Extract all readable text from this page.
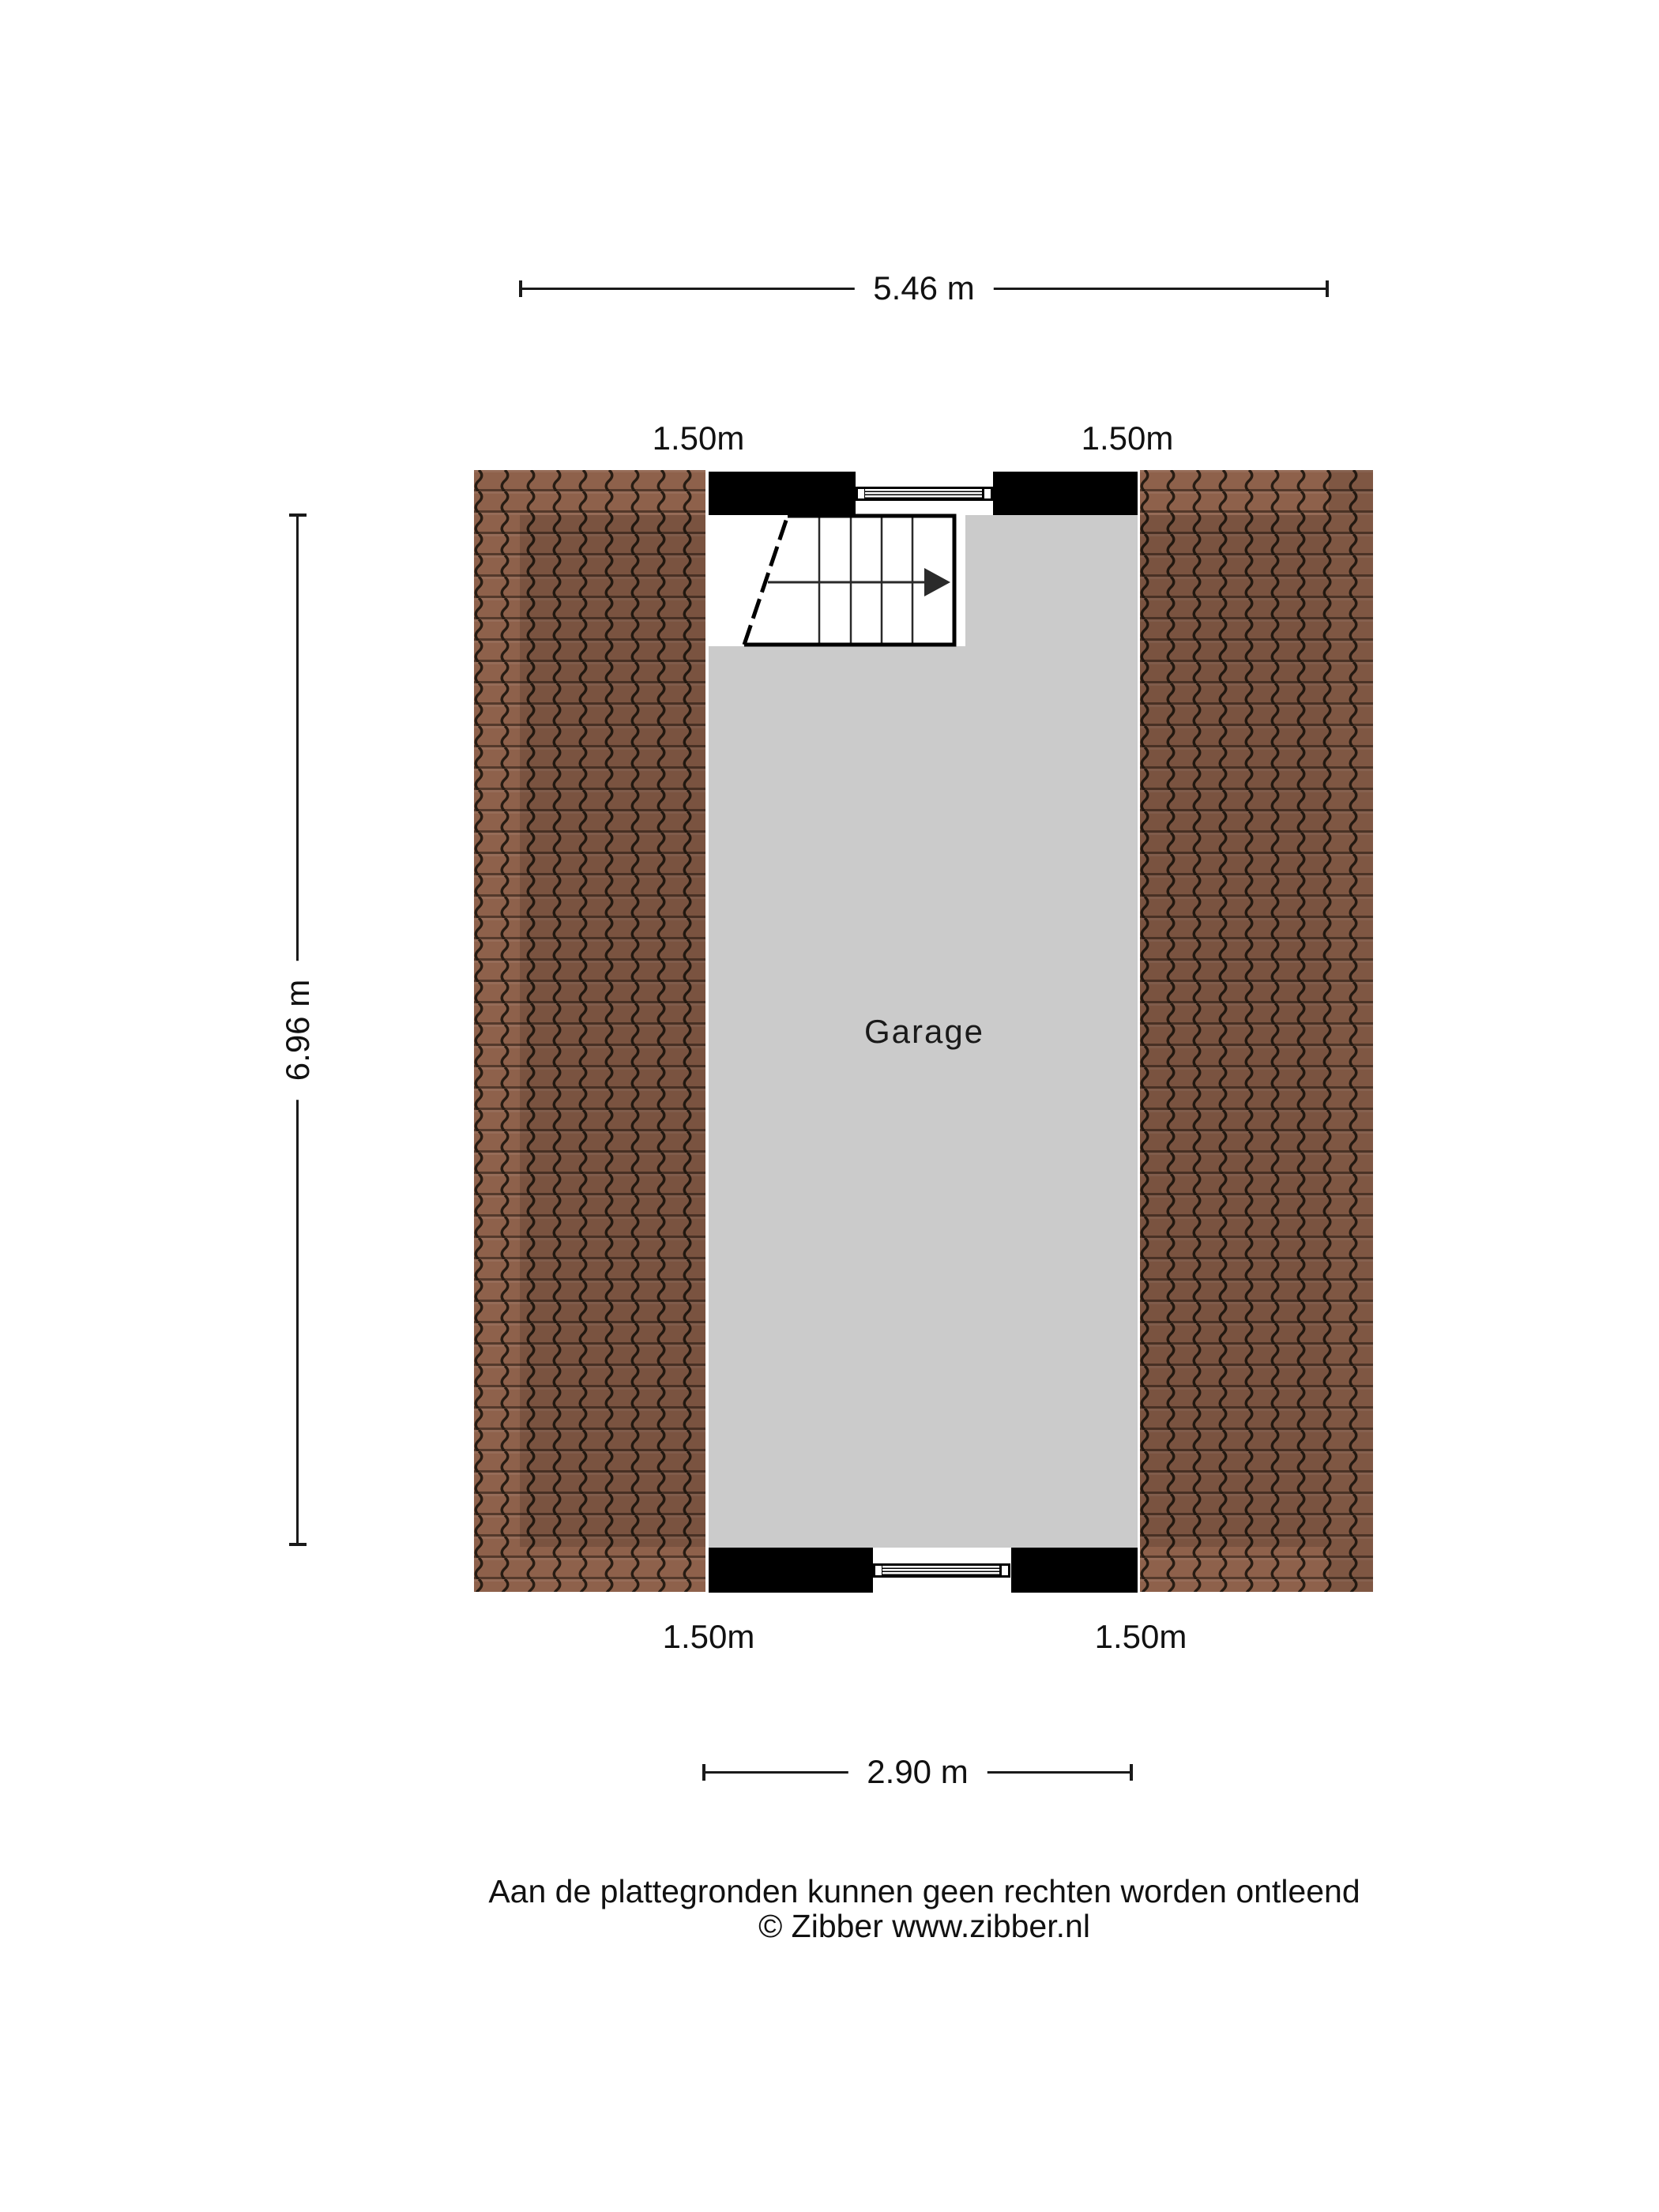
5.46 m
1.50m	1.50m
6.96 m	Garage
1.50m	1.50m
2.90 m
Aan de plattegronden kunnen geen rechten worden ontleend
© Zibber www.zibber.nl
